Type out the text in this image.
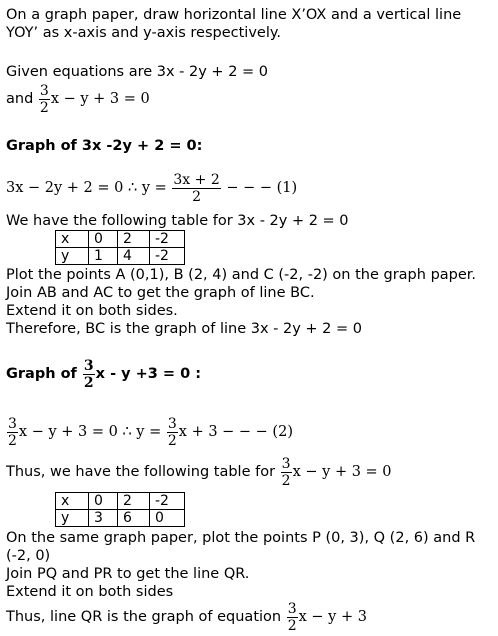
On a graph paper, draw horizontal line X’OX and a vertical line
YOY’ as x-axis and y-axis respectively.
Given equations are 3x - 2y + 2 = 0
and $\frac{3}{2}$ x − y + 3 = 0
Graph of 3x -2y + 2 = 0:
3x − 2y + 2 = 0 ∴ $y = \frac{3x + 2}{2}$ − − − (1)
We have the following table for 3x - 2y + 2 = 0
x	0	2	-2
y	1	4	-2
Plot the points A (0,1), B (2, 4) and C (-2, -2) on the graph paper.
Join AB and AC to get the graph of line BC.
Extend it on both sides.
Therefore, BC is the graph of line 3x - 2y + 2 = 0
Graph of $\frac{3}{2}$ x - y +3 = 0 :
$\frac{3}{2}$ x − y + 3 = 0 ∴ $y = \frac{3}{2}$ x + 3 − − − (2)
Thus, we have the following table for $\frac{3}{2}$ x − y + 3 = 0
x	0	2	-2
y	3	6	0
On the same graph paper, plot the points P (0, 3), Q (2, 6) and R
(-2, 0)
Join PQ and PR to get the line QR.
Extend it on both sides
Thus, line QR is the graph of equation $\frac{3}{2}$ x − y + 3
